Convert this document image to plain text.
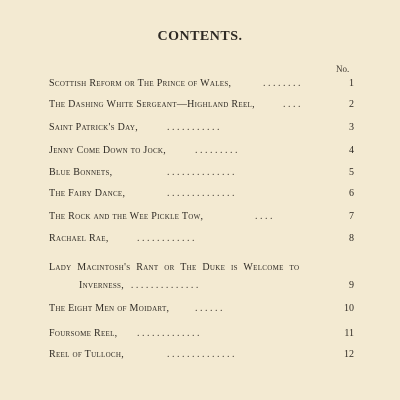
CONTENTS.
No.
Scottish Reform or The Prince of Wales,	. . . . . . . .	1
The Dashing White Sergeant—Highland Reel,	. . . .	2
Saint Patrick's Day,	. . . . . . . . . . .	3
Jenny Come Down to Jock,	. . . . . . . . .	4
Blue Bonnets,	. . . . . . . . . . . . . .	5
The Fairy Dance,	. . . . . . . . . . . . . .	6
The Rock and the Wee Pickle Tow,	. . . .	7
Rachael Rae,	. . . . . . . . . . . .	8
Lady Macintosh's Rant or The Duke is Welcome to
Inverness, . . . . . . . . . . . . . .	9
The Eight Men of Moidart,	. . . . . .	10
Foursome Reel, . . . . . . . . . . . . .	11
Reel of Tulloch,	. . . . . . . . . . . . . .	12
